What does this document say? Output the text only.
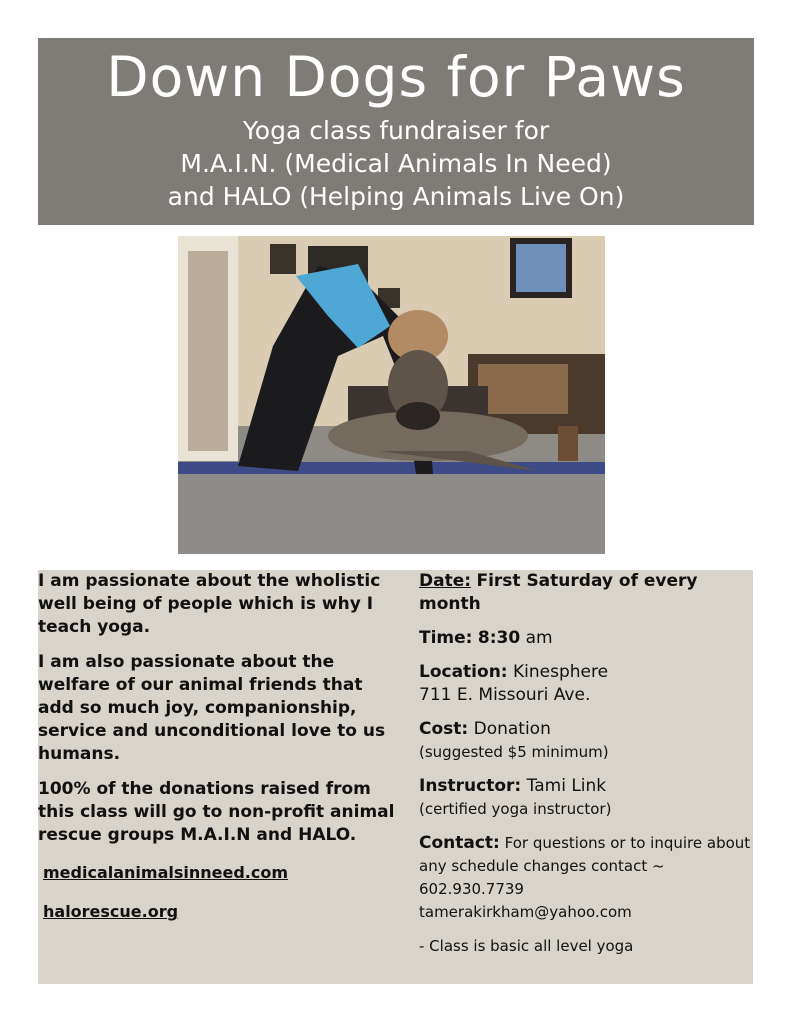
Down Dogs for Paws
Yoga class fundraiser for
M.A.I.N. (Medical Animals In Need)
and HALO (Helping Animals Live On)

I am passionate about the wholistic well being of people which is why I teach yoga.

I am also passionate about the welfare of our animal friends that add so much joy, companionship, service and unconditional love to us humans.

100% of the donations raised from this class will go to non-profit animal rescue groups M.A.I.N and HALO.

medicalanimalsinneed.com
halorescue.org
Date: First Saturday of every month
Time: 8:30 am
Location: Kinesphere
711 E. Missouri Ave.
Cost: Donation
(suggested $5 minimum)
Instructor: Tami Link
(certified yoga instructor)
Contact: For questions or to inquire about any schedule changes contact ~
602.930.7739
tamerakirkham@yahoo.com
- Class is basic all level yoga
